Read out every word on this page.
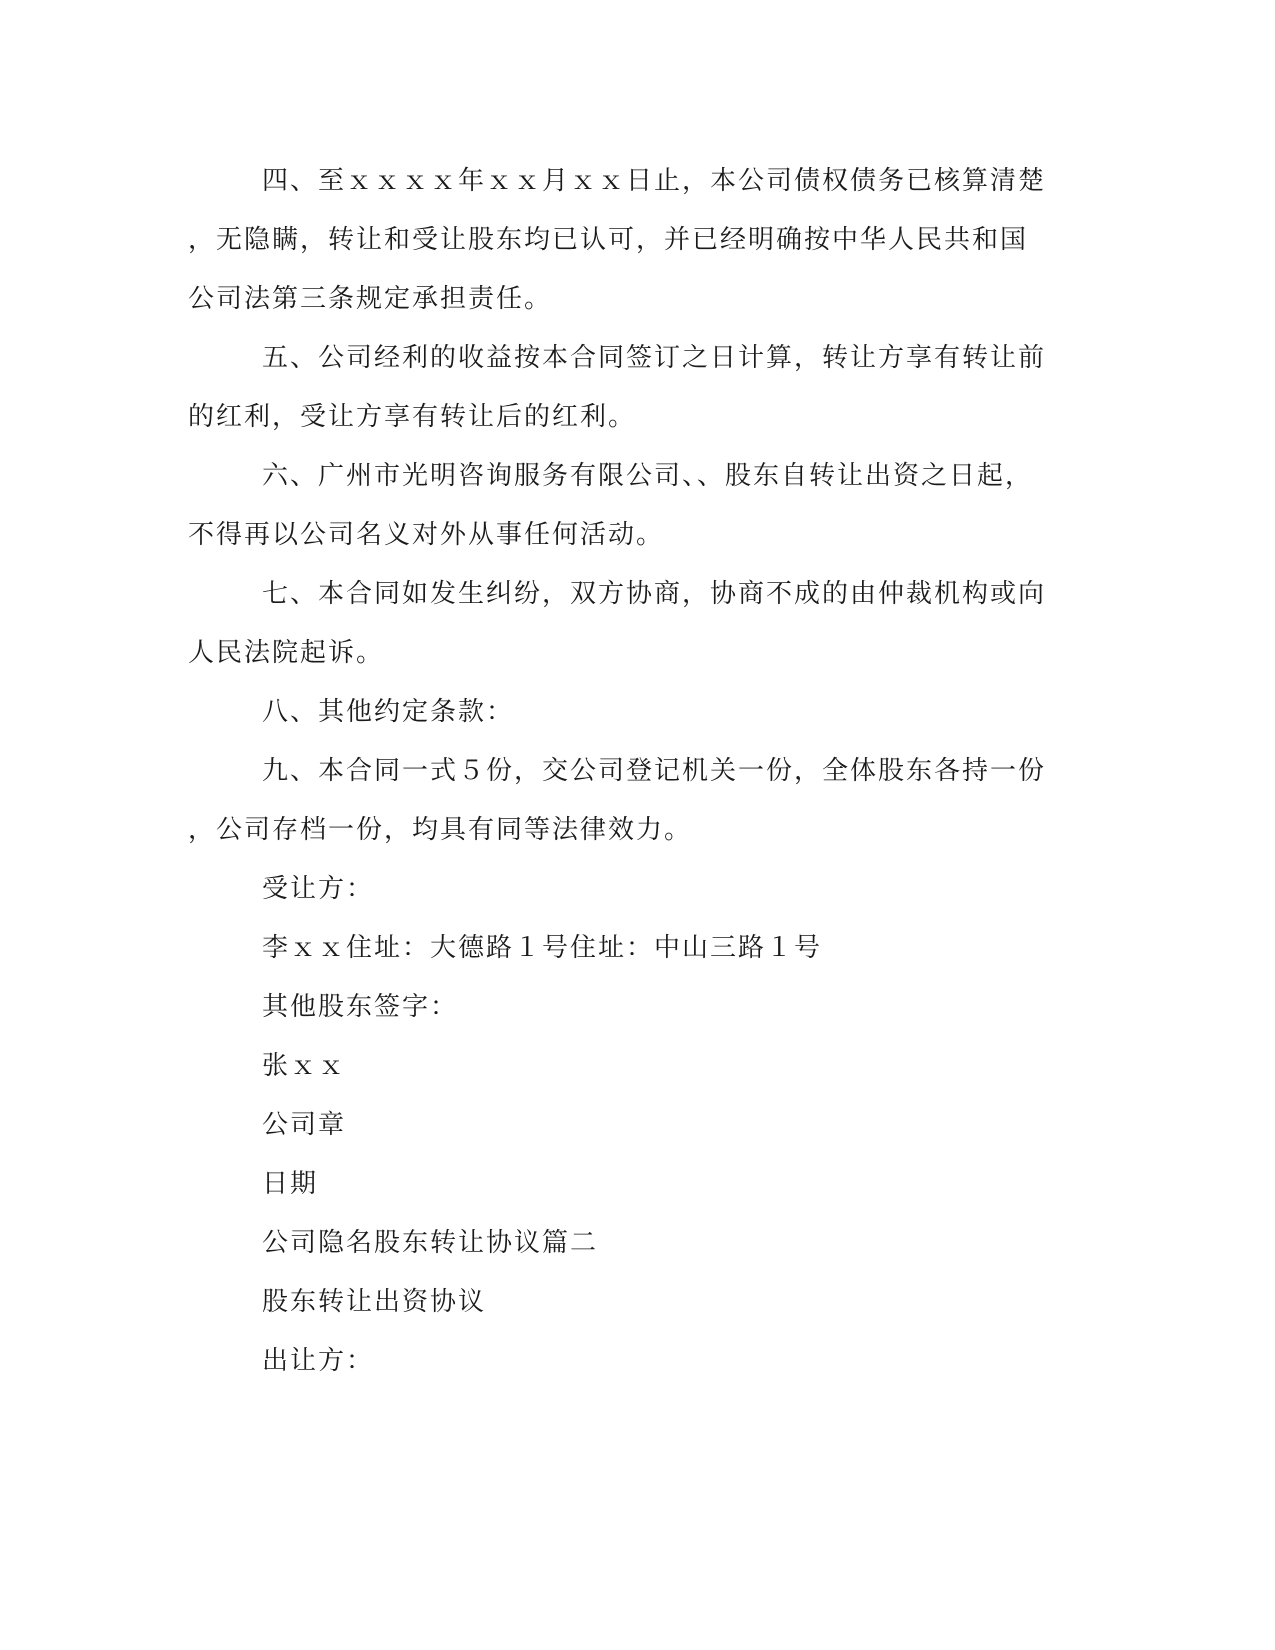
四、至ｘｘｘｘ年ｘｘ月ｘｘ日止，本公司债权债务已核算清楚
，无隐瞒，转让和受让股东均已认可，并已经明确按中华人民共和国
公司法第三条规定承担责任。
五、公司经利的收益按本合同签订之日计算，转让方享有转让前
的红利，受让方享有转让后的红利。
六、广州市光明咨询服务有限公司、、股东自转让出资之日起，
不得再以公司名义对外从事任何活动。
七、本合同如发生纠纷，双方协商，协商不成的由仲裁机构或向
人民法院起诉。
八、其他约定条款：
九、本合同一式５份，交公司登记机关一份，全体股东各持一份
，公司存档一份，均具有同等法律效力。
受让方：
李ｘｘ住址：大德路１号住址：中山三路１号
其他股东签字：
张ｘｘ
公司章
日期
公司隐名股东转让协议篇二
股东转让出资协议
出让方：
